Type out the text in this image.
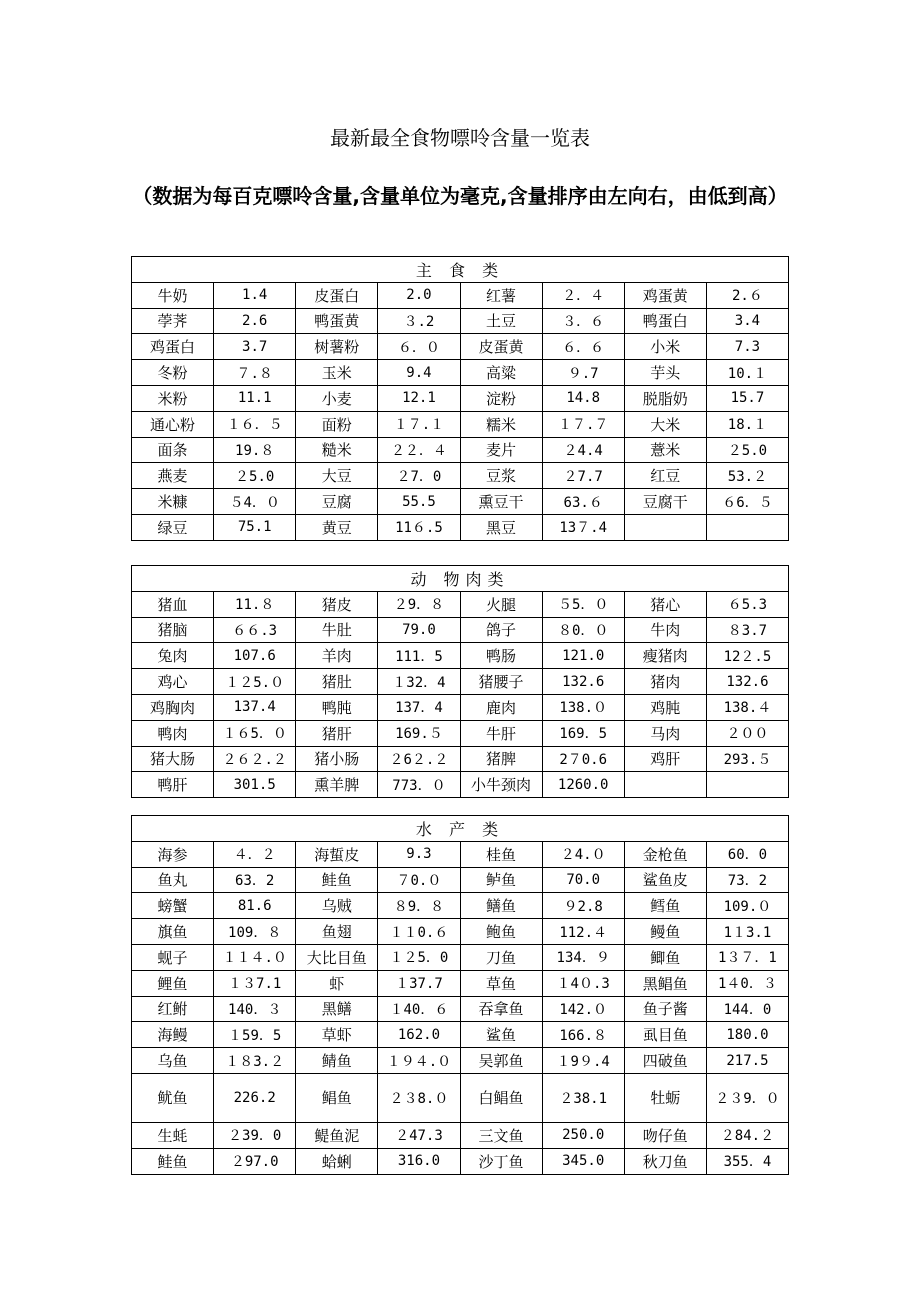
最新最全食物嘌呤含量一览表
（数据为每百克嘌呤含量,含量单位为毫克,含量排序由左向右，由低到高）
主 食 类							
牛奶	1.4	皮蛋白	2.0	红薯	２．４	鸡蛋黄	2.６
荸荠	2.6	鸭蛋黄	３.2	土豆	３．６	鸭蛋白	3.4
鸡蛋白	3.7	树薯粉	６．０	皮蛋黄	６．６	小米	7.3
冬粉	７.８	玉米	9.4	高粱	９.7	芋头	10.１
米粉	11.1	小麦	12.1	淀粉	14.8	脱脂奶	15.7
通心粉	１６．５	面粉	１７.１	糯米	１７.７	大米	18.１
面条	19.８	糙米	２２．４	麦片	２4.4	薏米	２5.0
燕麦	２5.0	大豆	２7．0	豆浆	２7.7	红豆	53.２
米糠	５4．０	豆腐	55.5	熏豆干	63.６	豆腐干	６6．５
绿豆	75.1	黄豆	11６.5	黑豆	13７.4		
动 物肉类							
猪血	11.８	猪皮	２9．８	火腿	５5．０	猪心	６5.3
猪脑	６６.3	牛肚	79.0	鸽子	８0．０	牛肉	８3.7
兔肉	107.6	羊肉	111．5	鸭肠	121.0	瘦猪肉	12２.5
鸡心	１２5.０	猪肚	１32．4	猪腰子	132.6	猪肉	132.6
鸡胸肉	137.4	鸭肫	137．4	鹿肉	138.０	鸡肫	138.４
鸭肉	１６5．０	猪肝	169.５	牛肝	169．5	马肉	２００
猪大肠	２６２.２	猪小肠	２6２.２	猪脾	2７0.6	鸡肝	293.５
鸭肝	301.5	熏羊脾	773．０	小牛颈肉	1260.0		
水 产 类							
海参	４．２	海蜇皮	9.3	桂鱼	２4.０	金枪鱼	60．0
鱼丸	63．2	鲑鱼	７0.０	鲈鱼	70.0	鲨鱼皮	73．2
螃蟹	81.6	乌贼	８9．８	鳝鱼	９2.8	鳕鱼	109.０
旗鱼	109．８	鱼翅	１１0.６	鲍鱼	112.４	鳗鱼	1１3.1
蚬子	１１４.０	大比目鱼	１２5．0	刀鱼	134．９	鲫鱼	1３７．1
鲤鱼	１３7.1	虾	１37.7	草鱼	１4０.3	黑鲳鱼	1４0．３
红鲋	140．３	黑鳝	１40．６	吞拿鱼	142.０	鱼子酱	144．0
海鳗	１59．5	草虾	162.0	鲨鱼	166.８	虱目鱼	180.0
乌鱼	１８3.２	鲭鱼	１９４.０	吴郭鱼	１9９.4	四破鱼	217.5
鱿鱼	226.2	鲳鱼	２３8.０	白鲳鱼	２38.1	牡蛎	２３9．０
生蚝	２39．0	鳀鱼泥	２47.3	三文鱼	250.0	吻仔鱼	２84.２
鲑鱼	２97.0	蛤蜊	316.0	沙丁鱼	345.0	秋刀鱼	355．4
